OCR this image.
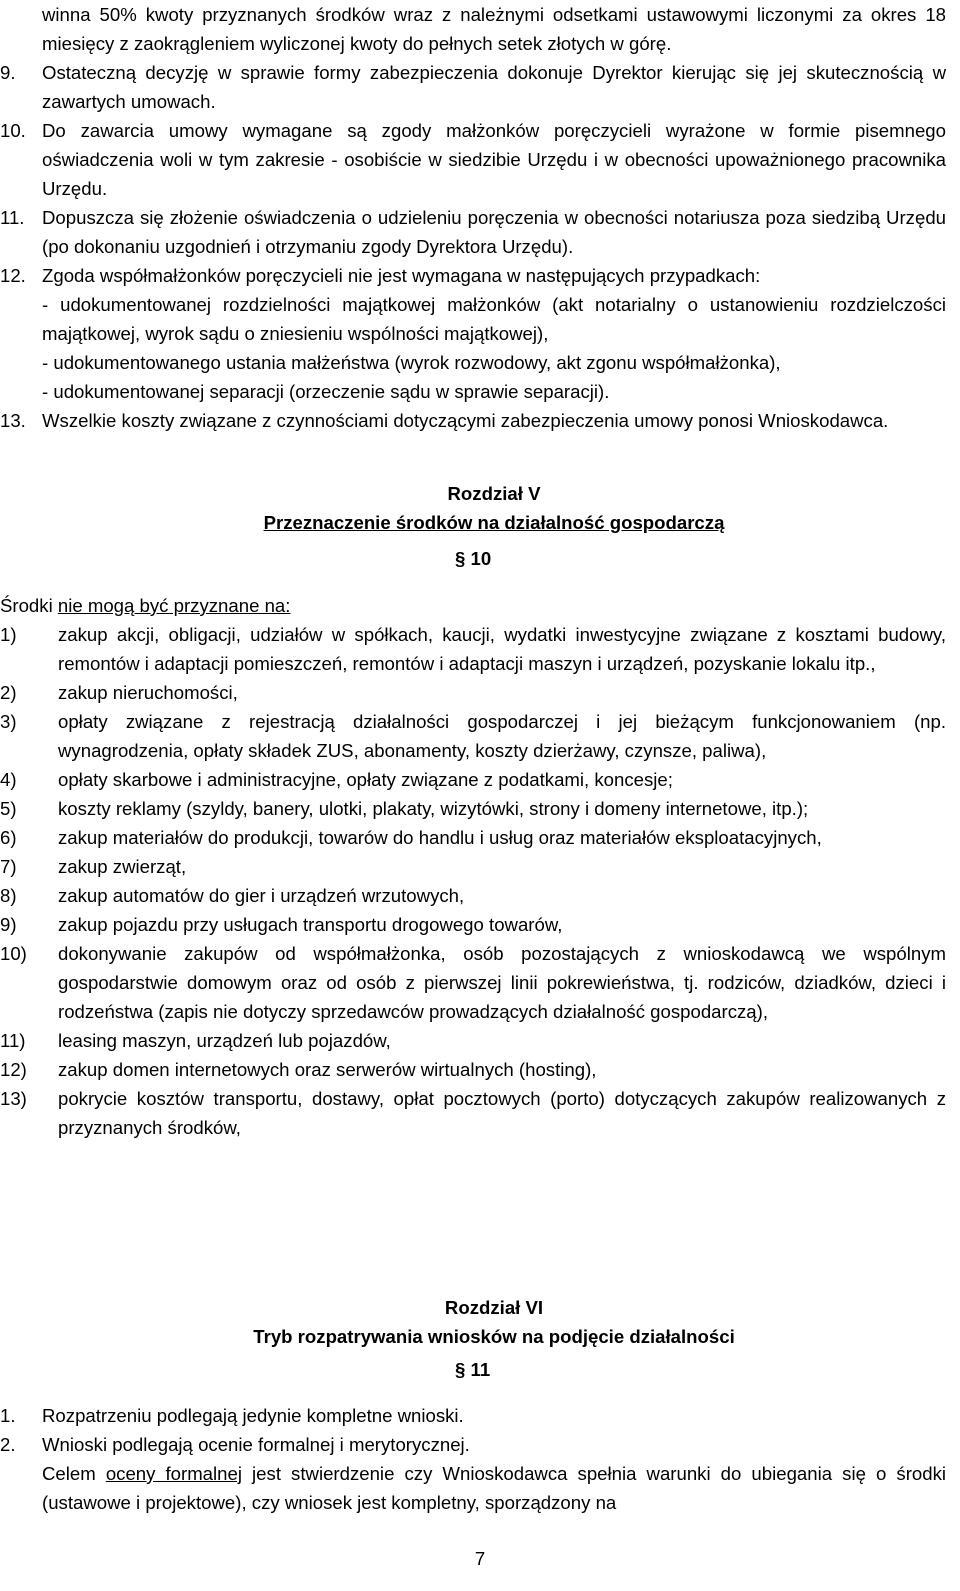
winna 50% kwoty przyznanych środków wraz z należnymi odsetkami ustawowymi liczonymi za okres 18 miesięcy z zaokrągleniem wyliczonej kwoty do pełnych setek złotych w górę.
9. Ostateczną decyzję w sprawie formy zabezpieczenia dokonuje Dyrektor kierując się jej skutecznością w zawartych umowach.
10. Do zawarcia umowy wymagane są zgody małżonków poręczycieli wyrażone w formie pisemnego oświadczenia woli w tym zakresie - osobiście w siedzibie Urzędu i w obecności upoważnionego pracownika Urzędu.
11. Dopuszcza się złożenie oświadczenia o udzieleniu poręczenia w obecności notariusza poza siedzibą Urzędu (po dokonaniu uzgodnień i otrzymaniu zgody Dyrektora Urzędu).
12. Zgoda współmałżonków poręczycieli nie jest wymagana w następujących przypadkach:
- udokumentowanej rozdzielności majątkowej małżonków (akt notarialny o ustanowieniu rozdzielczości majątkowej, wyrok sądu o zniesieniu wspólności majątkowej),
- udokumentowanego ustania małżeństwa (wyrok rozwodowy, akt zgonu współmałżonka),
- udokumentowanej separacji (orzeczenie sądu w sprawie separacji).
13. Wszelkie koszty związane z czynnościami dotyczącymi zabezpieczenia umowy ponosi Wnioskodawca.
Rozdział V
Przeznaczenie środków na działalność gospodarczą
§ 10
Środki nie mogą być przyznane na:
1) zakup akcji, obligacji, udziałów w spółkach, kaucji, wydatki inwestycyjne związane z kosztami budowy, remontów i adaptacji pomieszczeń, remontów i adaptacji maszyn i urządzeń, pozyskanie lokalu itp.,
2) zakup nieruchomości,
3) opłaty związane z rejestracją działalności gospodarczej i jej bieżącym funkcjonowaniem (np. wynagrodzenia, opłaty składek ZUS, abonamenty, koszty dzierżawy, czynsze, paliwa),
4) opłaty skarbowe i administracyjne, opłaty związane z podatkami, koncesje;
5) koszty reklamy (szyldy, banery, ulotki, plakaty, wizytówki, strony i domeny internetowe, itp.);
6) zakup materiałów do produkcji, towarów do handlu i usług oraz materiałów eksploatacyjnych,
7) zakup zwierząt,
8) zakup automatów do gier i urządzeń wrzutowych,
9) zakup pojazdu przy usługach transportu drogowego towarów,
10) dokonywanie zakupów od współmałżonka, osób pozostających z wnioskodawcą we wspólnym gospodarstwie domowym oraz od osób z pierwszej linii pokrewieństwa, tj. rodziców, dziadków, dzieci i rodzeństwa (zapis nie dotyczy sprzedawców prowadzących działalność gospodarczą),
11) leasing maszyn, urządzeń lub pojazdów,
12) zakup domen internetowych oraz serwerów wirtualnych (hosting),
13) pokrycie kosztów transportu, dostawy, opłat pocztowych (porto) dotyczących zakupów realizowanych z przyznanych środków,
Rozdział VI
Tryb rozpatrywania wniosków na podjęcie działalności
§ 11
1. Rozpatrzeniu podlegają jedynie kompletne wnioski.
2. Wnioski podlegają ocenie formalnej i merytorycznej.
Celem oceny formalnej jest stwierdzenie czy Wnioskodawca spełnia warunki do ubiegania się o środki (ustawowe i projektowe), czy wniosek jest kompletny, sporządzony na
7
